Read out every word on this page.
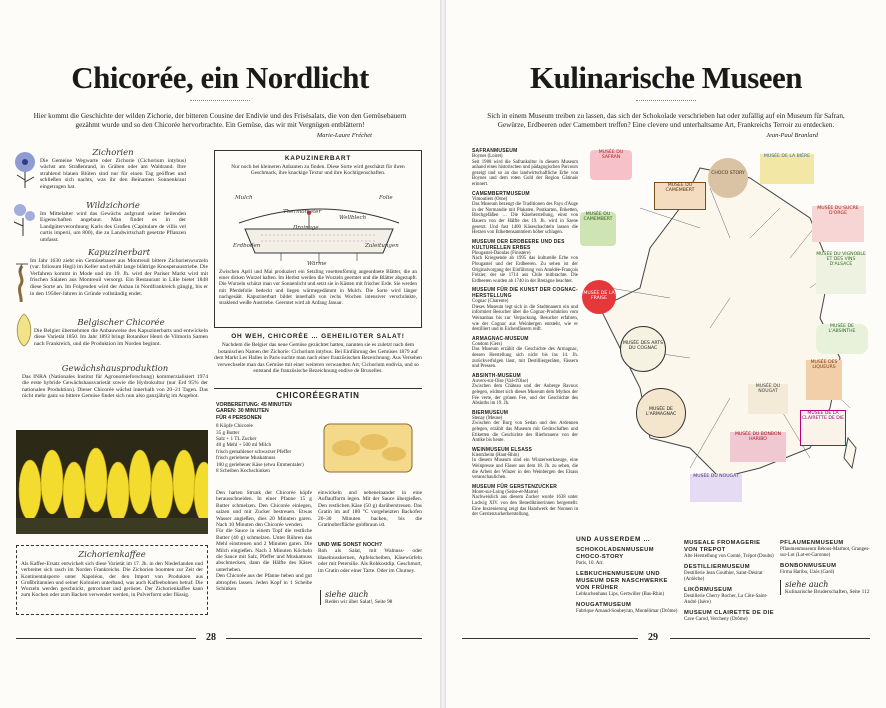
Chicorée, ein Nordlicht
Hier kommt die Geschichte der wilden Zichorie, der bitteren Cousine der Endivie und des Frisésalats, die von den Gemüsebauern gezähmt wurde und so den Chicorée hervorbrachte. Ein Gemüse, das wir mit Vergnügen entblättern!
Marie-Laure Fréchet
Zichorien
Die Gemeine Wegwarte oder Zichorie (Cichorium intybus) wächst am Straßenrand, in Gräben oder am Waldrand. Ihre strahlend blauen Blüten sind nur für einen Tag geöffnet und schließen sich nachts, was ihr den Beinamen Sonnenkraut eingetragen hat.
Wildzichorie
Im Mittelalter wird das Gewächs aufgrund seiner heilenden Eigenschaften angebaut. Man findet es in der Landgüterverordnung Karls des Großen (Capitulare de villis vel curtis imperii, um 800), die zu Landwirtschaft gesetzte Pflanzen umfasst.
Kapuzinerbart
Im Jahr 1630 zieht ein Gemüsebauer aus Montreuil bittere Zichorienwurzeln (var. foliosum Hegi) im Keller und erhält lange blättrige Knospenaustriebe. Die Verfahren kommt in Mode und im 19. Jh. wird der Pariser Markt wird mit frischen Salaten aus Montreuil versorgt. Ein Restaurant in Lille bietet 1848 diese Sorte an. Im Folgenden wird der Anbau in Nordfrankreich gängig, bis er in den 1950er-Jahren in Gründe vollständig endet.
Belgischer Chicorée
Die Belgier übernehmen die Anbauweise des Kapuzinerbarts und entwickeln diese Varietät 1850. Im Jahr 1893 bringt Botaniker Henri de Vilmorin Samen nach Frankreich, und die Produktion im Norden beginnt.
Gewächshausproduktion
Das INRA (Nationales Institut für Agronomieforschung) kommerzialisiert 1974 die erste hybride Gewächshausvarietät sowie die Hydrokultur (nur Erd 95% der nationalen Produktion). Dieser Chicorée wächst innerhalb von 20–21 Tagen. Das nicht mehr ganz so bittere Gemüse findet sich nun also ganzjährig im Angebot.
Zichorienkaffee
Als Kaffee-Ersatz entwickelt sich diese Varietät im 17. Jh. in den Niederlanden und verbreitet sich rasch im Norden Frankreichs. Die Zichorien boomten zur Zeit der Kontinentalsperre unter Napoléon, der den Import von Produkten aus Großbritannien und seiner Kolonien unterband, was auch Kaffeebohnen betraf. Die Wurzeln werden geschnickt, getrocknet und geröstet. Der Zichorienkaffee kann zum Kochen oder zum Backen verwendet werden, in Pulverform oder flüssig.
KAPUZINERBART
Nur noch bei kleineren Anbauten zu finden. Diese Sorte wird geschätzt für ihren Geschmack, ihre knackige Textur und ihre Kochtigenschaften.
Mulch	Folie
Thermometer
Drainage
Wellblech
Erdboden	Zuleitungen
Wärme
Zwischen April und Mai produziert ein Setzling rosettenförmig angeordnete Blätter, die an einer dicken Wurzel haften. Im Herbst werden die Wurzeln geerntet und die Blätter abgezupft. Die Wurzeln schützt man vor Sonnenlicht und setzt sie in Kästen mit frischer Erde. Sie werden mit Pferdefolie bedeckt und liegen wärmegedämmt in Mulch. Die Sorte wird länger nachgesäät. Kapuzinerbart bildet innerhalb von rechs Wochen intensiver verschränkte, straklend weiße Austriebe. Geerntet wird ab Anfang Januar.
OH WEH, CHICORÉE … GEHEILIGTER SALAT!
Nachdem die Belgier das neue Gemüse gezüchtet hatten, nannten sie es zuletzt nach dem botanischen Namen der Zichorie: Cichorium intybus. Bei Einführung des Gemüses 1879 auf dem Markt Les Halles in Paris suchte man nach einer französischen Bezeichnung. Aus Versehen verwechselte man das Gemüse mit einer weiteren verwandten Art, Cichorium endivia, und so entstand die französische Bezeichnung endive de Bruxelles.
CHICORÉEGRATIN
VORBEREITUNG: 45 MINUTEN
GAREN: 30 MINUTEN
FÜR 4 PERSONEN
8 Köpfe Chicorée
35 g Butter
Salz + 1 TL Zucker
40 g Mehl + 500 ml Milch
frisch gemahlener schwarzer Pfeffer
frisch geriebene Muskatnuss
100 g geriebener Käse (etwa Emmentaler)
8 Scheiben Kochschinken
Den harten Strunk der Chicorée köpfe herausschneiden. In einer Pfanne 15 g Butter schmelzen. Den Chicorée einlegen, salzen und mit Zucker bestreuen. Etwas Wasser angießen, dies 20 Minuten garen. Nach 10 Minuten den Chicorée wenden.
Für die Sauce in einem Topf die restliche Butter (40 g) schmelzen. Unter Rühren das Mehl einstreuen und 2 Minuten garen. Die Milch eingießen. Nach 3 Minuten Köcheln die Sauce mit Salz, Pfeffer und Muskatnuss abschmecken, dann die Hälfte des Käses unterheben.
Den Chicorée aus der Pfanne heben und gut abtropfen lassen. Jeden Kopf in 1 Scheibe Schinken
einwickeln und nebeneinander in eine Auflaufform legen. Mit der Sauce übergießen. Den restlichen Käse (50 g) darüberstreuen. Das Gratin im auf 180 °C vorgeheizten Backofen 20–30 Minuten backen, bis die Gratinoberfläche goldbraun ist.
UND WIE SONST NOCH?
Roh als Salat, mit Walnuss- oder Haselnusskernen, Apfelscheiben, Käsewürfeln oder mit Petersilie. Als Rohkostdip. Geschmort, im Gratin oder einer Tarte. Oder im Chutney.
siehe auch
Reden wir über Salat!, Seite 98
28
Kulinarische Museen
Sich in einem Museum treiben zu lassen, das sich der Schokolade verschrieben hat oder zufällig auf ein Museum für Safran, Gewürze, Erdbeeren oder Camembert treffen? Eine clevere und unterhaltsame Art, Frankreichs Terroir zu entdecken.
Jean-Paul Branlard
SAFRANMUSEUM
Boynes (Loiret)
Seit 1988 wird die Safrankultur in diesem Museum anhand eines historischen und pädagogischen Parcours gezeigt und so an das landwirtschaftliche Erbe von Boynes und dem roten Gold der Region Gâtinais erinnert.
CAMEMBERTMUSEUM
Vimoutiers (Orne)
Das Museum bezeugt die Traditionen des Pays d'Auge in der Normandie mit Plakaten, Postkarten, Etiketten, Blechgefäßen … Die Käseherstellung, einst von Bauern von der Hälfte des 19. Jh. wird in Szene gesetzt. Und fast 1400 Käseschachteln lassen die Herzen von Etikettensammlern höher schlagen.
MUSEUM DER ERDBEERE UND DES KULTURELLEN ERBES
Plougastel-Daoulas (Finistère)
Nach Kriegsende ab 1995 das kulturelle Erbe von Plougastel und der Erdbeeren. Zu sehen ist der Originalvorgang der Einführung von Amédée-François Frézier, der sie 1714 aus Chile mitbrachte. Die Erdbeeren wurden ab 1740 in der Bretagne beachtet.
MUSEUM FÜR DIE KUNST DER COGNAC-HERSTELLUNG
Cognac (Charente)
Dieses Museum legt sich in die Stadtmauern ein und informiert Besucher über die Cognac-Produktion vom Weinanbau bis zur Verpackung. Besucher erfahren, wie der Cognac aus Weinbergen entsteht, wie er destilliert und in Eichenfässern reift.
ARMAGNAC-MUSEUM
Condom (Gers)
Das Museum erzählt die Geschichte des Armagnac, dessen Herstellung sich nicht bis ins 14. Jh. zurückverfolgen lässt, mit Destilliergeräten, Fässern und Pressen.
ABSINTH-MUSEUM
Auvers-sur-Oise (Val-d'Oise)
Zwischen dem Château und der Auberge Ravoux gelegen, widmet sich dieses Museum dem Mythos der Fée verte, der grünen Fee, und der Geschichte des Absinths im 19. Jh.
BIERMUSEUM
Stenay (Meuse)
Zwischen der Burg von Sedan und den Ardennen gelegen, erzählt das Museum mit Gerätschaften und Etiketten die Geschichte des Bierbrauens von der Antike bis heute.
WEINMUSEUM ELSASS
Kientzheim (Haut-Rhin)
In diesem Museum sind ein Winzerwerkzeuge, eine Weinpresse und Fässer aus dem 18. Jh. zu sehen, die die Arbeit der Winzer in den Weinbergen des Elsass veranschaulichen.
MUSEUM FÜR GERSTENZUCKER
Moret-sur-Loing (Seine-et-Marne)
Nachweislich aus diesem Zucker wurde 1638 unter Ludwig XIV. von den Benediktinerinnen hergestellt. Eine Inszenierung zeigt das Handwerk der Nonnen in der Gerstenzuckerherstellung.
MUSÉE DU SAFRAN
MUSÉE DU CAMEMBERT
CHOCO STORY
MUSÉE DE LA BIÈRE
MUSÉE DU CAMEMBERT
MUSÉE DU SUCRE D'ORGE
MUSÉE DU VIGNOBLE ET DES VINS D'ALSACE
MUSÉE DE LA FRAISE
MUSÉE DES ARTS DU COGNAC
MUSÉE DE L'ABSINTHE
MUSÉE DES LIQUEURS
MUSÉE DE L'ARMAGNAC
MUSÉE DU NOUGAT
MUSÉE DE LA CLAIRETTE DE DIE
MUSÉE DU BONBON HARIBO
MUSÉE DU NOUGAT
UND AUSSERDEM …
SCHOKOLADENMUSEUM CHOCO-STORY
Paris, 10. Arr.
LEBKUCHENMUSEUM UND MUSEUM DER NASCHWERKE VON FRÜHER
Lebkuchenhaus Lips, Gertwiller (Bas-Rhin)
NOUGATMUSEUM
Fabrique Arnaud-Soubeyran, Montélimar (Drôme)
MUSEALE FROMAGERIE VON TREPOT
Alte Herstellung von Comté, Trépot (Doubs)
DESTILLIERMUSEUM
Destillerie Jean Gouthier, Saint-Désirat (Ardèche)
LIKÖRMUSEUM
Destillerie Cherry Rocher, La Côte-Saint-André (Isère)
MUSEUM CLAIRETTE DE DIE
Cave Carod, Vercheny (Drôme)
PFLAUMENMUSEUM
Pflaumenmuseum Bétous-Marmot, Granges-sur-Lot (Lot-et-Garonne)
BONBONMUSEUM
Firma Haribo, Uzès (Gard)
siehe auch
Kulinarische Bruderschaften, Seite 112
29
